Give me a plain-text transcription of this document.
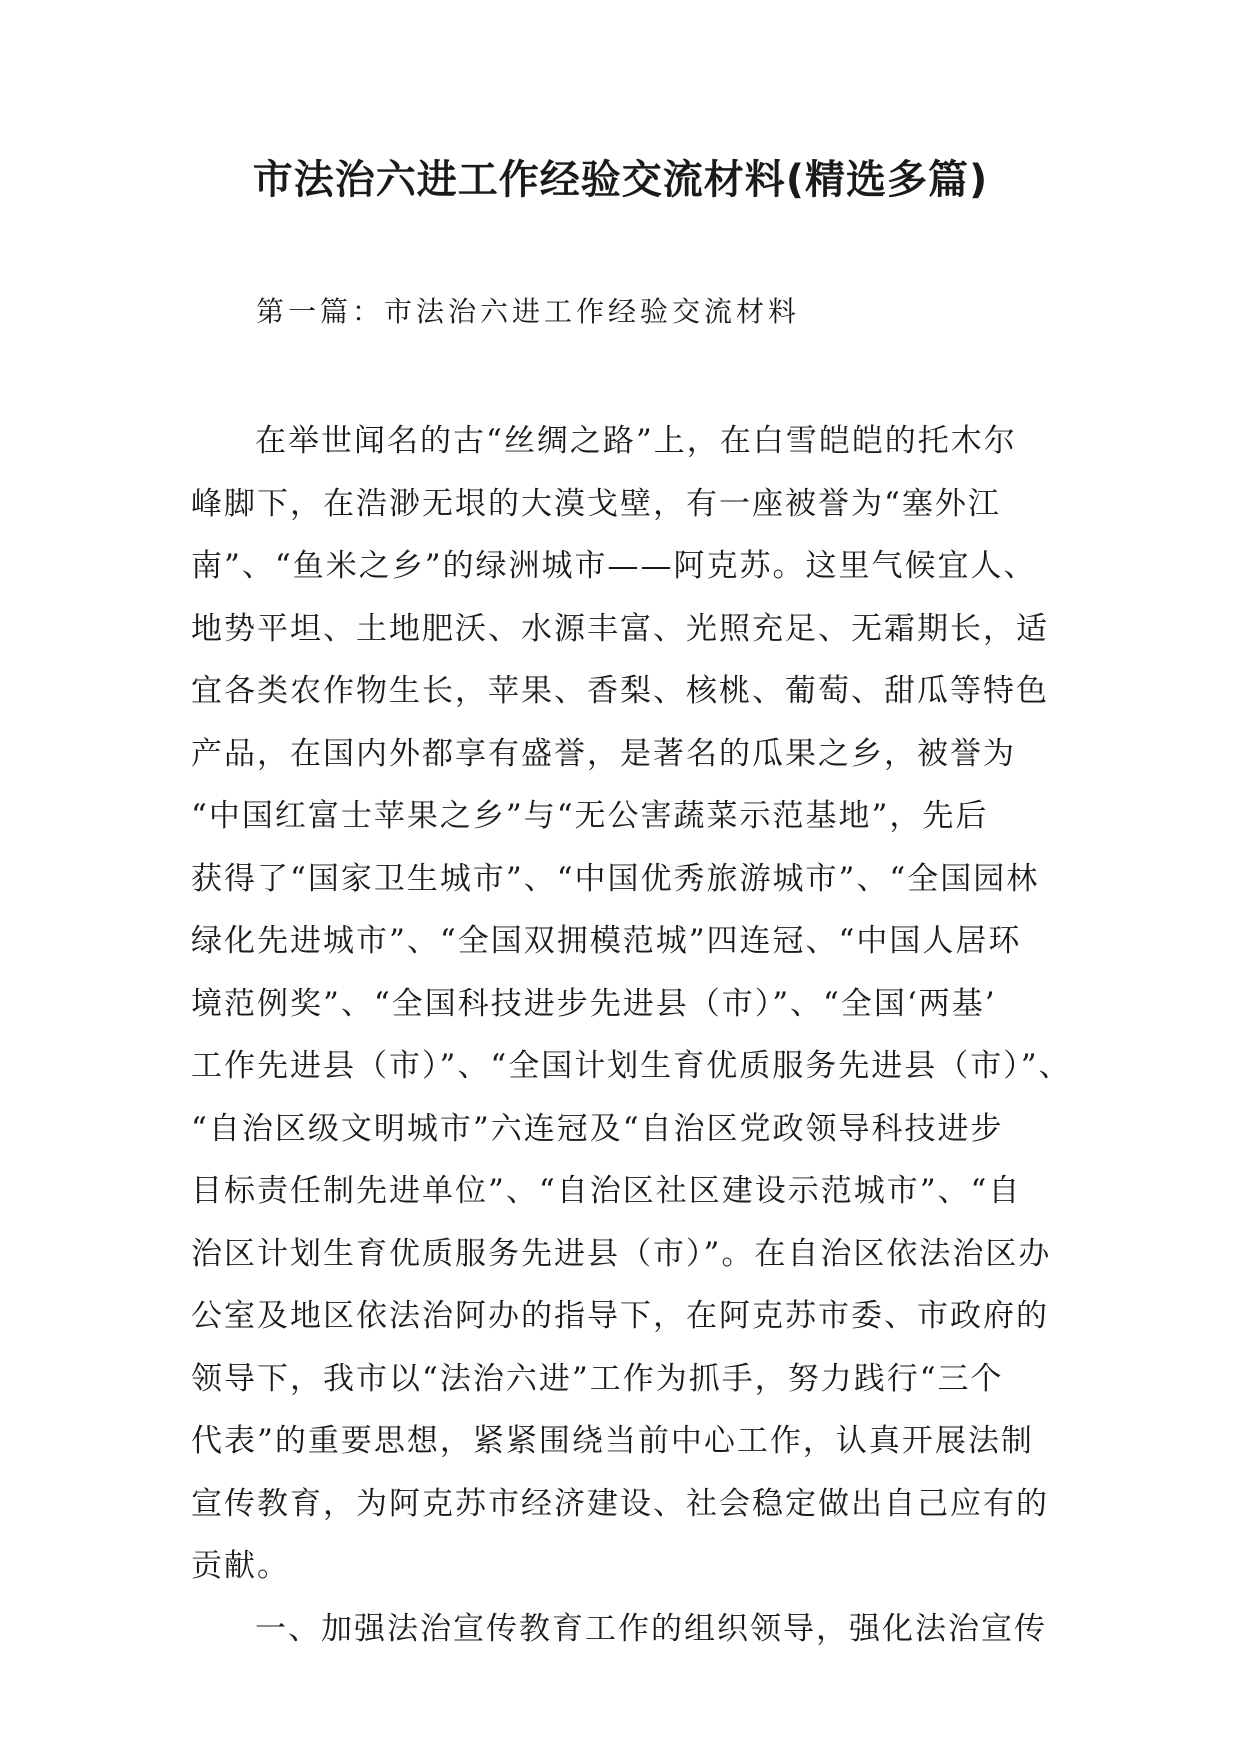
市法治六进工作经验交流材料(精选多篇)

第一篇：市法治六进工作经验交流材料

在举世闻名的古“丝绸之路”上，在白雪皑皑的托木尔
峰脚下，在浩渺无垠的大漠戈壁，有一座被誉为“塞外江
南”、“鱼米之乡”的绿洲城市——阿克苏。这里气候宜人、
地势平坦、土地肥沃、水源丰富、光照充足、无霜期长，适
宜各类农作物生长，苹果、香梨、核桃、葡萄、甜瓜等特色
产品，在国内外都享有盛誉，是著名的瓜果之乡，被誉为
“中国红富士苹果之乡”与“无公害蔬菜示范基地”，先后
获得了“国家卫生城市”、“中国优秀旅游城市”、“全国园林
绿化先进城市”、“全国双拥模范城”四连冠、“中国人居环
境范例奖”、“全国科技进步先进县（市）”、“全国‘两基’
工作先进县（市）”、“全国计划生育优质服务先进县（市）”、
“自治区级文明城市”六连冠及“自治区党政领导科技进步
目标责任制先进单位”、“自治区社区建设示范城市”、“自
治区计划生育优质服务先进县（市）”。在自治区依法治区办
公室及地区依法治阿办的指导下，在阿克苏市委、市政府的
领导下，我市以“法治六进”工作为抓手，努力践行“三个
代表”的重要思想，紧紧围绕当前中心工作，认真开展法制
宣传教育，为阿克苏市经济建设、社会稳定做出自己应有的
贡献。
一、加强法治宣传教育工作的组织领导，强化法治宣传
